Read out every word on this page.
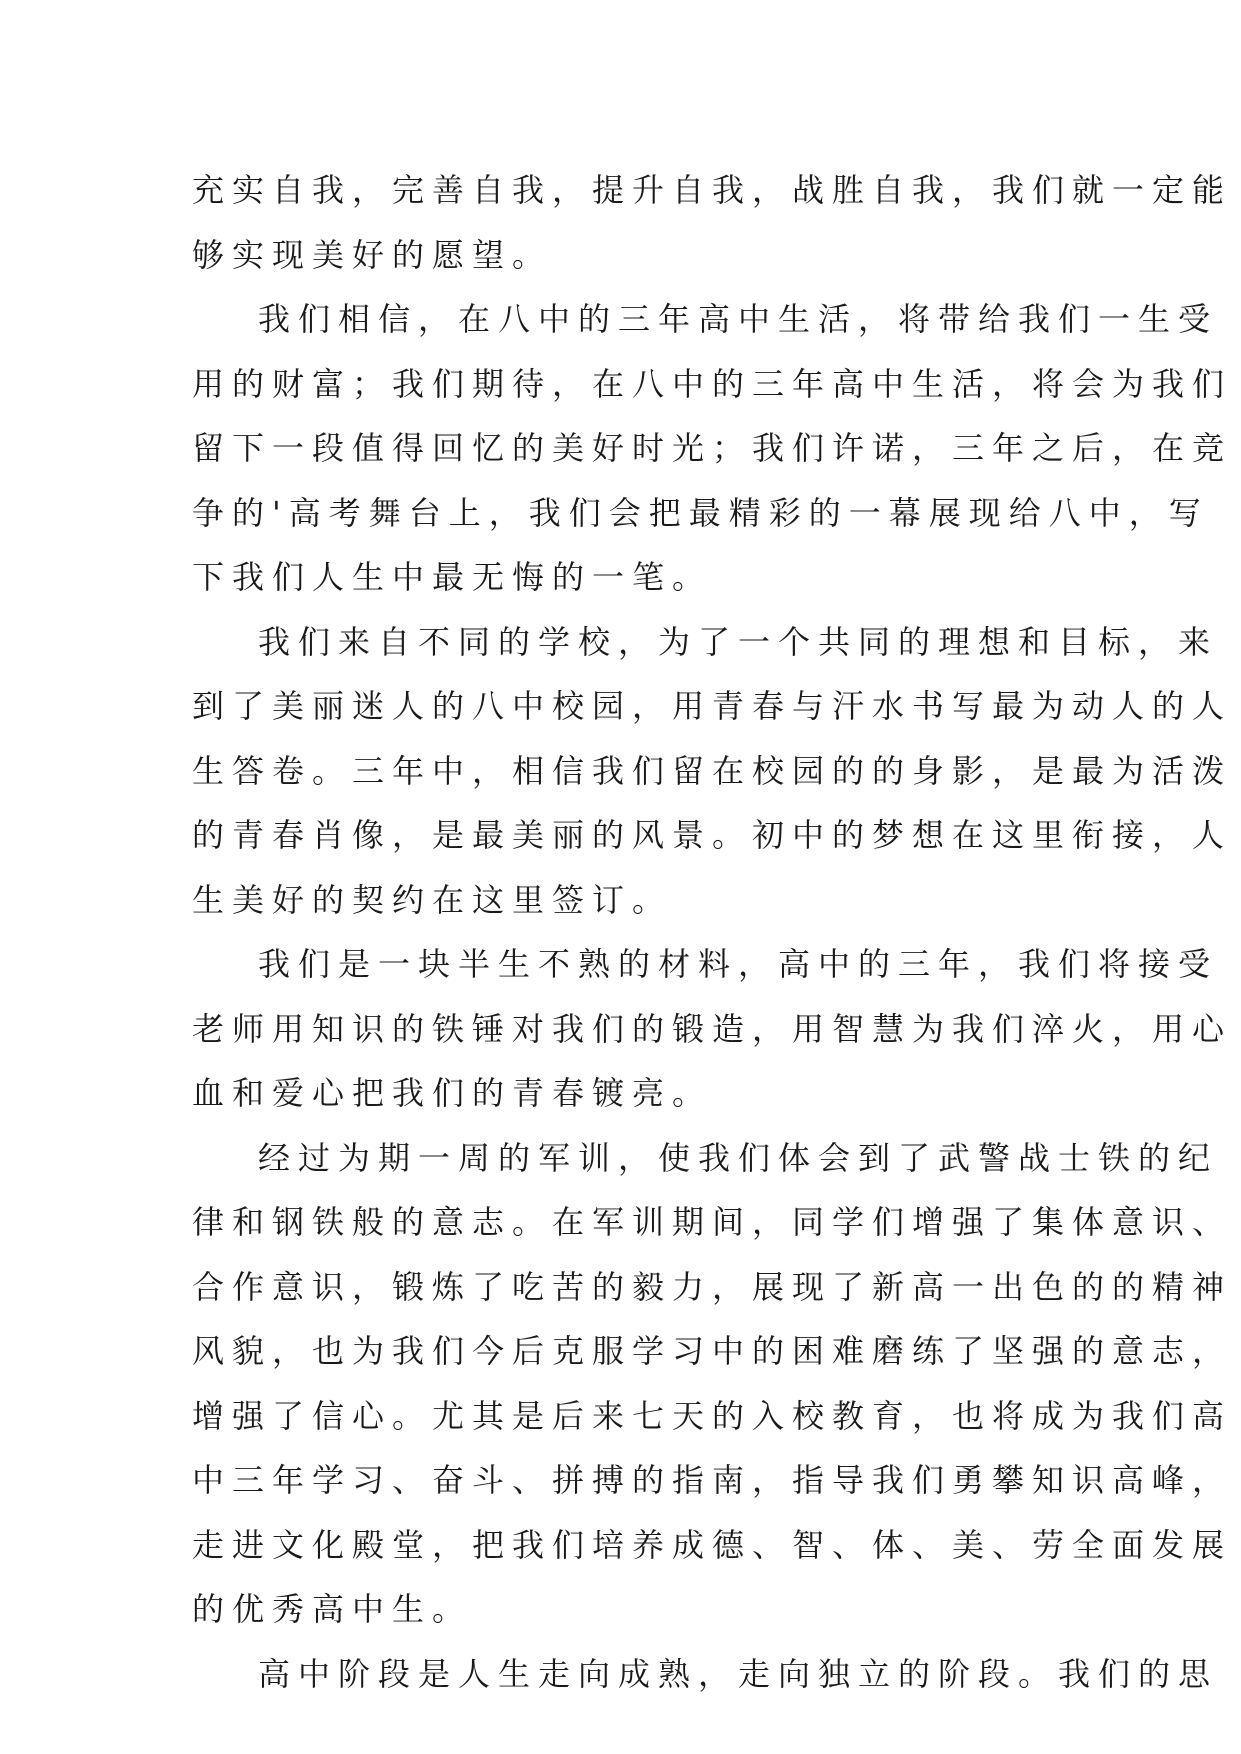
充实自我，完善自我，提升自我，战胜自我，我们就一定能
够实现美好的愿望。
我们相信，在八中的三年高中生活，将带给我们一生受
用的财富；我们期待，在八中的三年高中生活，将会为我们
留下一段值得回忆的美好时光；我们许诺，三年之后，在竞
争的'高考舞台上，我们会把最精彩的一幕展现给八中，写
下我们人生中最无悔的一笔。
我们来自不同的学校，为了一个共同的理想和目标，来
到了美丽迷人的八中校园，用青春与汗水书写最为动人的人
生答卷。三年中，相信我们留在校园的的身影，是最为活泼
的青春肖像，是最美丽的风景。初中的梦想在这里衔接，人
生美好的契约在这里签订。
我们是一块半生不熟的材料，高中的三年，我们将接受
老师用知识的铁锤对我们的锻造，用智慧为我们淬火，用心
血和爱心把我们的青春镀亮。
经过为期一周的军训，使我们体会到了武警战士铁的纪
律和钢铁般的意志。在军训期间，同学们增强了集体意识、
合作意识，锻炼了吃苦的毅力，展现了新高一出色的的精神
风貌，也为我们今后克服学习中的困难磨练了坚强的意志，
增强了信心。尤其是后来七天的入校教育，也将成为我们高
中三年学习、奋斗、拼搏的指南，指导我们勇攀知识高峰，
走进文化殿堂，把我们培养成德、智、体、美、劳全面发展
的优秀高中生。
高中阶段是人生走向成熟，走向独立的阶段。我们的思
